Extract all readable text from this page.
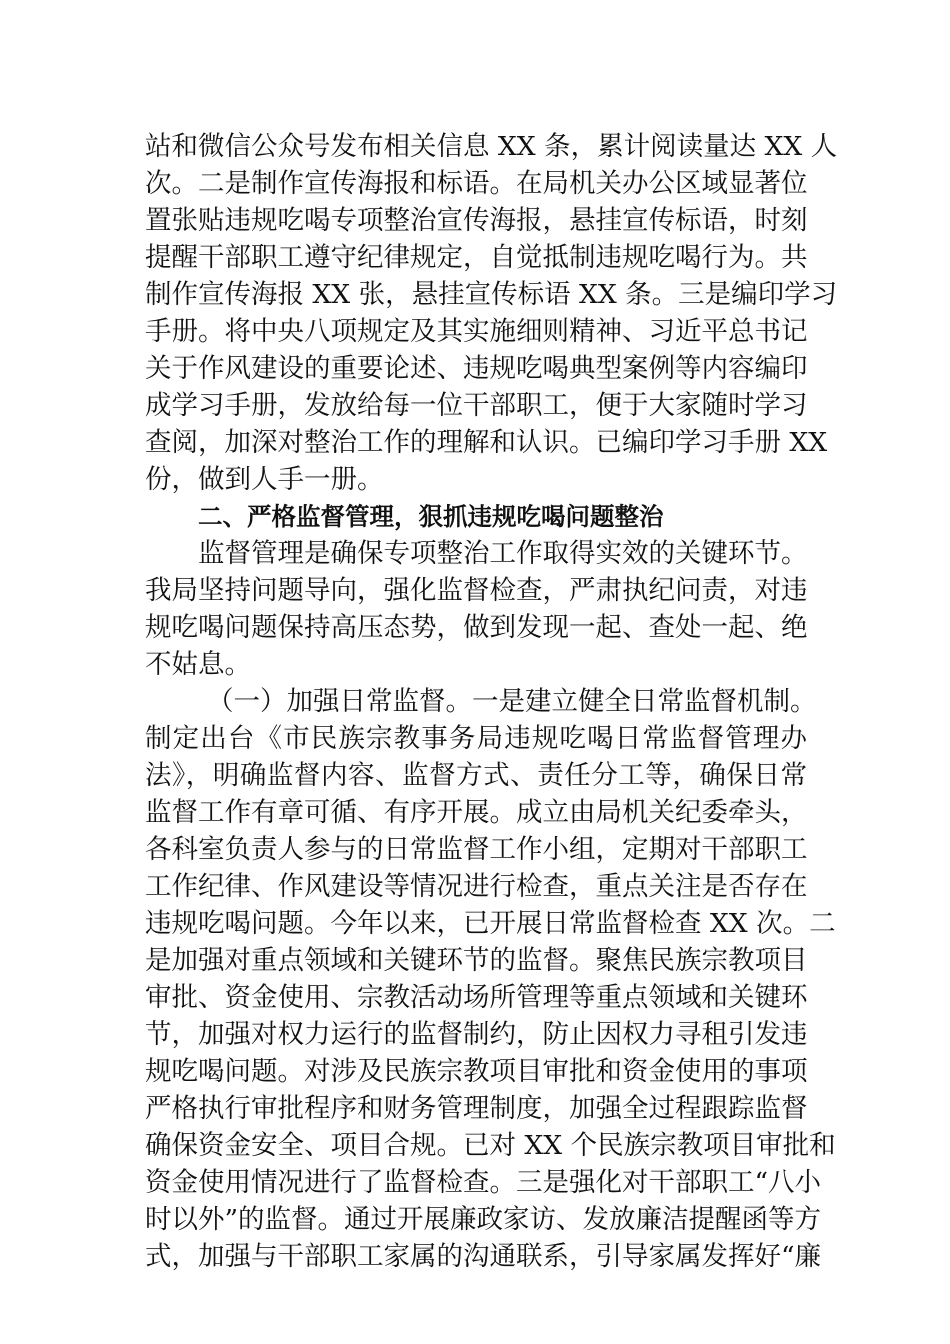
站和微信公众号发布相关信息 XX 条，累计阅读量达 XX 人
次。二是制作宣传海报和标语。在局机关办公区域显著位
置张贴违规吃喝专项整治宣传海报，悬挂宣传标语，时刻
提醒干部职工遵守纪律规定，自觉抵制违规吃喝行为。共
制作宣传海报 XX 张，悬挂宣传标语 XX 条。三是编印学习
手册。将中央八项规定及其实施细则精神、习近平总书记
关于作风建设的重要论述、违规吃喝典型案例等内容编印
成学习手册，发放给每一位干部职工，便于大家随时学习
查阅，加深对整治工作的理解和认识。已编印学习手册 XX
份，做到人手一册。
二、严格监督管理，狠抓违规吃喝问题整治
监督管理是确保专项整治工作取得实效的关键环节。
我局坚持问题导向，强化监督检查，严肃执纪问责，对违
规吃喝问题保持高压态势，做到发现一起、查处一起、绝
不姑息。
（一）加强日常监督。一是建立健全日常监督机制。
制定出台《市民族宗教事务局违规吃喝日常监督管理办
法》，明确监督内容、监督方式、责任分工等，确保日常
监督工作有章可循、有序开展。成立由局机关纪委牵头，
各科室负责人参与的日常监督工作小组，定期对干部职工
工作纪律、作风建设等情况进行检查，重点关注是否存在
违规吃喝问题。今年以来，已开展日常监督检查 XX 次。二
是加强对重点领域和关键环节的监督。聚焦民族宗教项目
审批、资金使用、宗教活动场所管理等重点领域和关键环
节，加强对权力运行的监督制约，防止因权力寻租引发违
规吃喝问题。对涉及民族宗教项目审批和资金使用的事项
严格执行审批程序和财务管理制度，加强全过程跟踪监督
确保资金安全、项目合规。已对 XX 个民族宗教项目审批和
资金使用情况进行了监督检查。三是强化对干部职工“八小
时以外”的监督。通过开展廉政家访、发放廉洁提醒函等方
式，加强与干部职工家属的沟通联系，引导家属发挥好“廉
